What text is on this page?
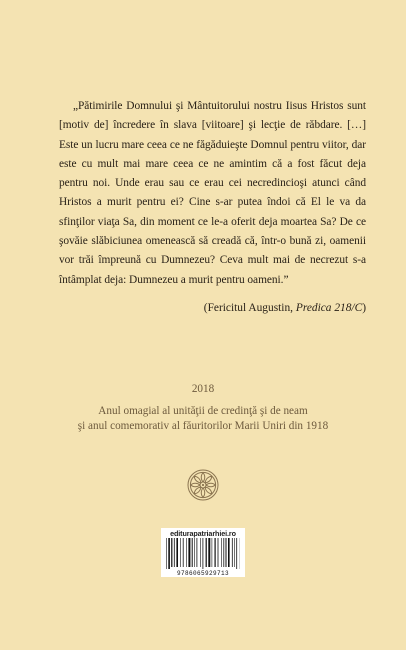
„Pătimirile Domnului şi Mântuitorului nostru Iisus Hristos sunt [motiv de] încredere în slava [viitoare] şi lecţie de răbdare. […] Este un lucru mare ceea ce ne făgăduieşte Domnul pentru viitor, dar este cu mult mai mare ceea ce ne amintim că a fost făcut deja pentru noi. Unde erau sau ce erau cei necredincioşi atunci când Hristos a murit pentru ei? Cine s-ar putea îndoi că El le va da sfinţilor viaţa Sa, din moment ce le-a oferit deja moartea Sa? De ce şovăie slăbiciunea omenească să creadă că, într-o bună zi, oamenii vor trăi împreună cu Dumnezeu? Ceva mult mai de necrezut s-a întâmplat deja: Dumnezeu a murit pentru oameni.”

(Fericitul Augustin, Predica 218/C)
2018
Anul omagial al unităţii de credinţă şi de neam
şi anul comemorativ al făuritorilor Marii Uniri din 1918
editurapatriarhiei.ro
9786065929713
